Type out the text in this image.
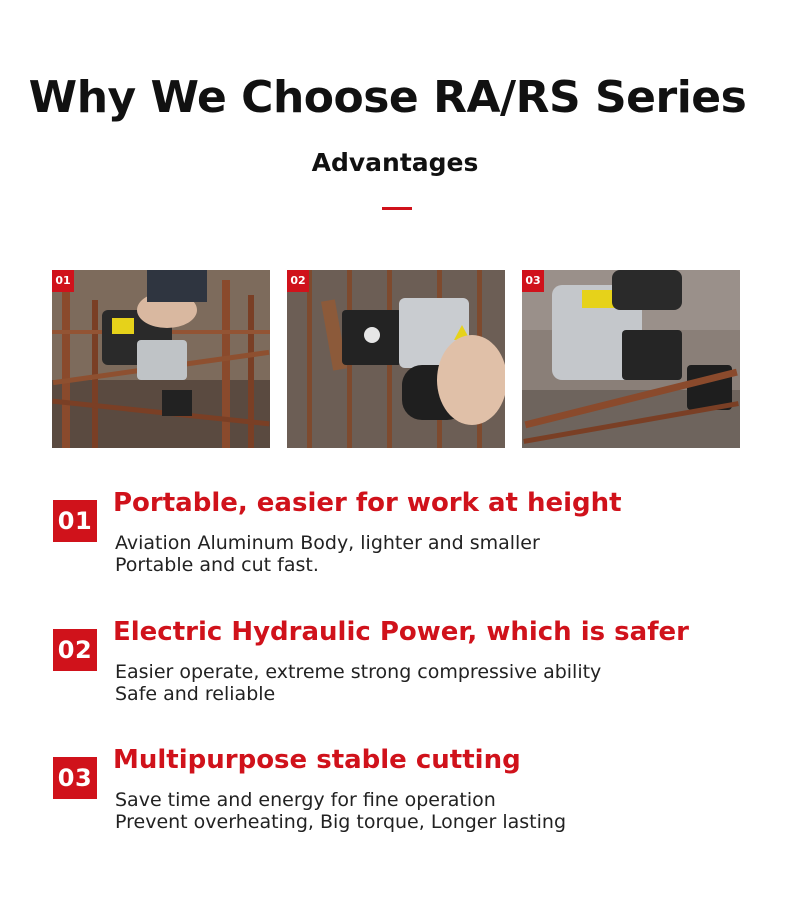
Why We Choose RA/RS Series
Advantages
01	02	03
01
Portable, easier for work at height
Aviation Aluminum Body, lighter and smaller
Portable and cut fast.
02
Electric Hydraulic Power, which is safer
Easier operate, extreme strong compressive ability
Safe and reliable
03
Multipurpose stable cutting
Save time and energy for fine operation
Prevent overheating, Big torque, Longer lasting
